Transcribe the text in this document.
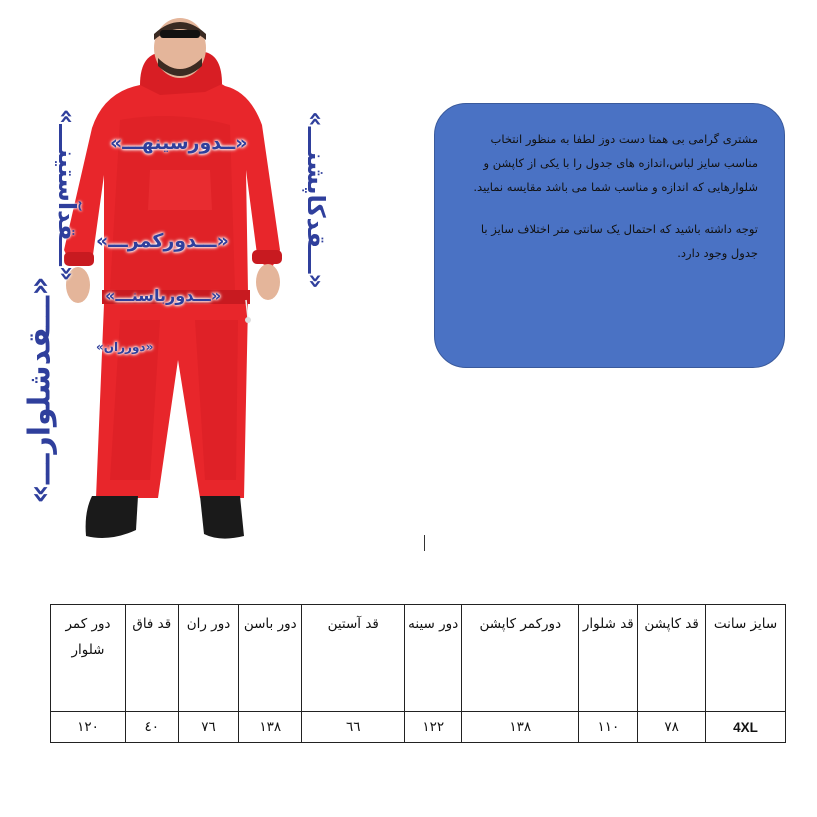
«ـــقدآستینـــ»
«ـــقدکاپشنـــ»
«ـــقدشلوارـــ»
«ــدورسینهـــ»
«ـــدورکمرـــ»
«ـــدورباسنـــ»
«دورران»

مشتری گرامی بی همتا دست دوز لطفا به منظور انتخاب مناسب سایز لباس،اندازه های جدول را با یکی از کاپشن و شلوارهایی که اندازه و مناسب شما می باشد مقایسه نمایید.

توجه داشته باشید که احتمال یک سانتی متر اختلاف سایز با جدول وجود دارد.

سایز سانت	قد کاپشن	قد شلوار	دورکمر کاپشن	دور سینه	قد آستین	دور باسن	دور ران	قد فاق	دور کمر شلوار
4XL	۷۸	۱۱۰	۱۳۸	۱۲۲	٦٦	۱۳۸	۷٦	٤۰	۱۲۰
